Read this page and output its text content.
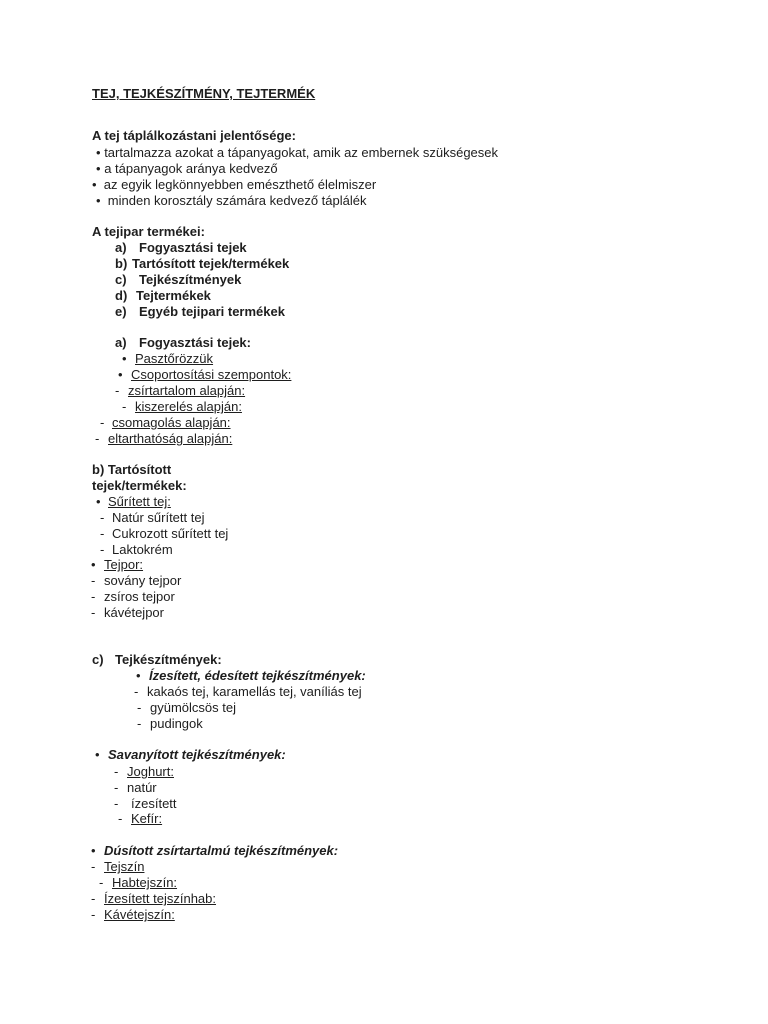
TEJ, TEJKÉSZÍTMÉNY, TEJTERMÉK
A tej táplálkozástani jelentősége:
• tartalmazza azokat a tápanyagokat, amik az embernek szükségesek
• a tápanyagok aránya kedvező
• az egyik legkönnyebben emészthető élelmiszer
• minden korosztály számára kedvező táplálék
A tejipar termékei:
a) Fogyasztási tejek
b) Tartósított tejek/termékek
c) Tejkészítmények
d) Tejtermékek
e) Egyéb tejipari termékek
a) Fogyasztási tejek:
• Pasztőrözzük
• Csoportosítási szempontok:
- zsírtartalom alapján:
- kiszerelés alapján:
- csomagolás alapján:
- eltarthatóság alapján:
b) Tartósított
tejek/termékek:
• Sűrített tej:
- Natúr sűrített tej
- Cukrozott sűrített tej
- Laktokrém
• Tejpor:
- sovány tejpor
- zsíros tejpor
- kávétejpor
c) Tejkészítmények:
• Ízesített, édesített tejkészítmények:
- kakaós tej, karamellás tej, vaníliás tej
- gyümölcsös tej
- pudingok
• Savanyított tejkészítmények:
- Joghurt:
- natúr
- ízesített
- Kefír:
• Dúsított zsírtartalmú tejkészítmények:
- Tejszín
- Habtejszín:
- Ízesített tejszínhab:
- Kávétejszín:
